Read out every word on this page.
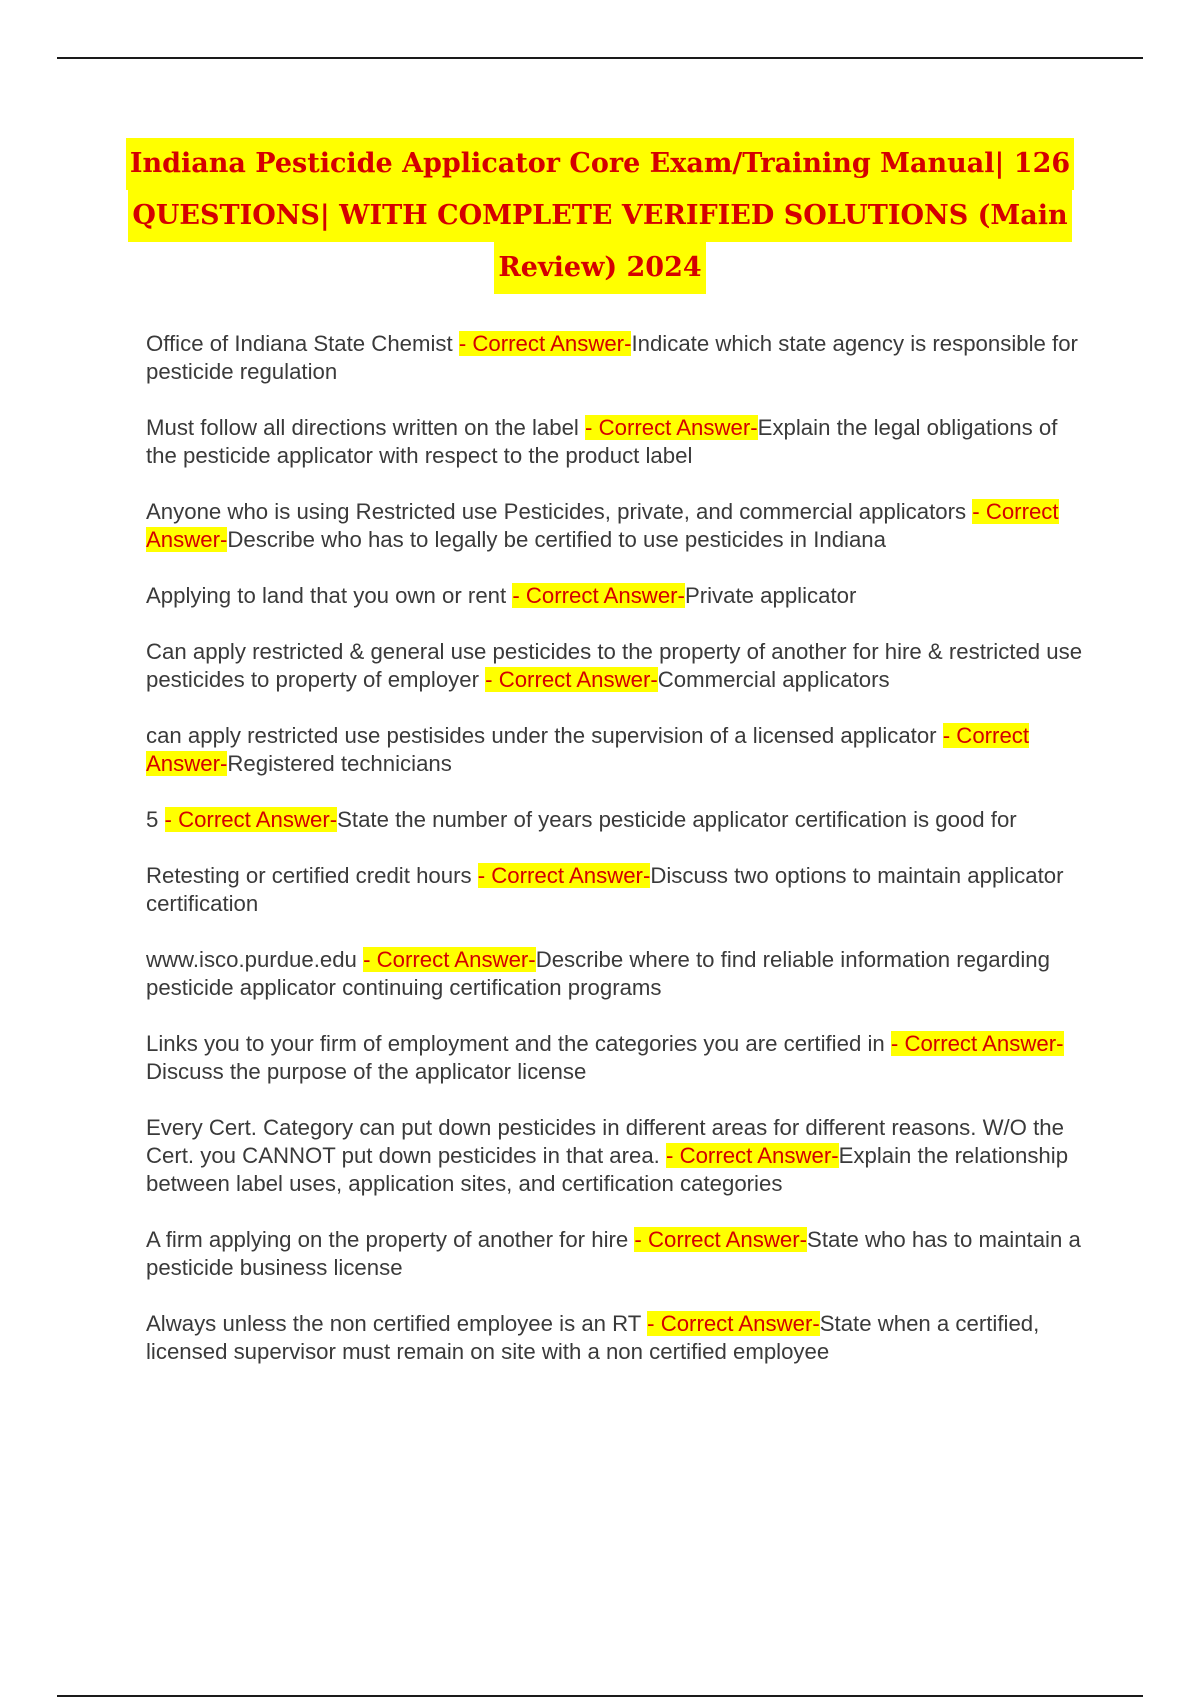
Indiana Pesticide Applicator Core Exam/Training Manual| 126
QUESTIONS| WITH COMPLETE VERIFIED SOLUTIONS (Main
Review) 2024

Office of Indiana State Chemist - Correct Answer-Indicate which state agency is responsible for pesticide regulation

Must follow all directions written on the label - Correct Answer-Explain the legal obligations of the pesticide applicator with respect to the product label

Anyone who is using Restricted use Pesticides, private, and commercial applicators - Correct Answer-Describe who has to legally be certified to use pesticides in Indiana

Applying to land that you own or rent - Correct Answer-Private applicator

Can apply restricted & general use pesticides to the property of another for hire & restricted use pesticides to property of employer - Correct Answer-Commercial applicators

can apply restricted use pestisides under the supervision of a licensed applicator - Correct Answer-Registered technicians

5 - Correct Answer-State the number of years pesticide applicator certification is good for

Retesting or certified credit hours - Correct Answer-Discuss two options to maintain applicator certification

www.isco.purdue.edu - Correct Answer-Describe where to find reliable information regarding pesticide applicator continuing certification programs

Links you to your firm of employment and the categories you are certified in - Correct Answer-Discuss the purpose of the applicator license

Every Cert. Category can put down pesticides in different areas for different reasons. W/O the Cert. you CANNOT put down pesticides in that area. - Correct Answer-Explain the relationship between label uses, application sites, and certification categories

A firm applying on the property of another for hire - Correct Answer-State who has to maintain a pesticide business license

Always unless the non certified employee is an RT - Correct Answer-State when a certified, licensed supervisor must remain on site with a non certified employee
